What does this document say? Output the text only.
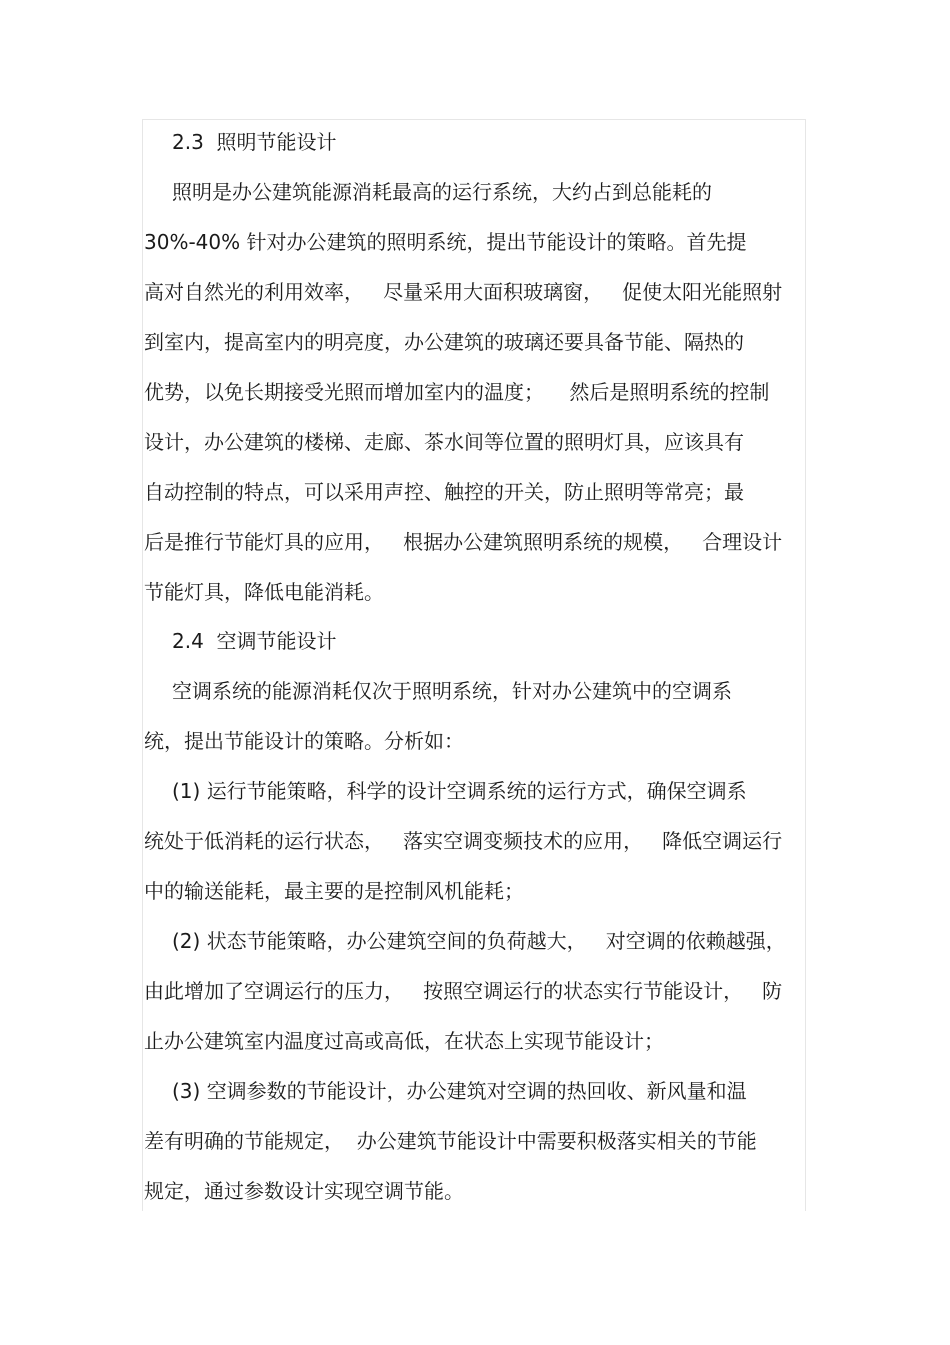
2.3  照明节能设计
照明是办公建筑能源消耗最高的运行系统，大约占到总能耗的
30%-40% 针对办公建筑的照明系统，提出节能设计的策略。首先提
高对自然光的利用效率，   尽量采用大面积玻璃窗，   促使太阳光能照射
到室内，提高室内的明亮度，办公建筑的玻璃还要具备节能、隔热的
优势，以免长期接受光照而增加室内的温度；    然后是照明系统的控制
设计，办公建筑的楼梯、走廊、茶水间等位置的照明灯具，应该具有
自动控制的特点，可以采用声控、触控的开关，防止照明等常亮；最
后是推行节能灯具的应用，   根据办公建筑照明系统的规模，   合理设计
节能灯具，降低电能消耗。
2.4  空调节能设计
空调系统的能源消耗仅次于照明系统，针对办公建筑中的空调系
统，提出节能设计的策略。分析如：
(1) 运行节能策略，科学的设计空调系统的运行方式，确保空调系
统处于低消耗的运行状态，   落实空调变频技术的应用，   降低空调运行
中的输送能耗，最主要的是控制风机能耗；
(2) 状态节能策略，办公建筑空间的负荷越大，   对空调的依赖越强，
由此增加了空调运行的压力，   按照空调运行的状态实行节能设计，   防
止办公建筑室内温度过高或高低，在状态上实现节能设计；
(3) 空调参数的节能设计，办公建筑对空调的热回收、新风量和温
差有明确的节能规定，  办公建筑节能设计中需要积极落实相关的节能
规定，通过参数设计实现空调节能。
